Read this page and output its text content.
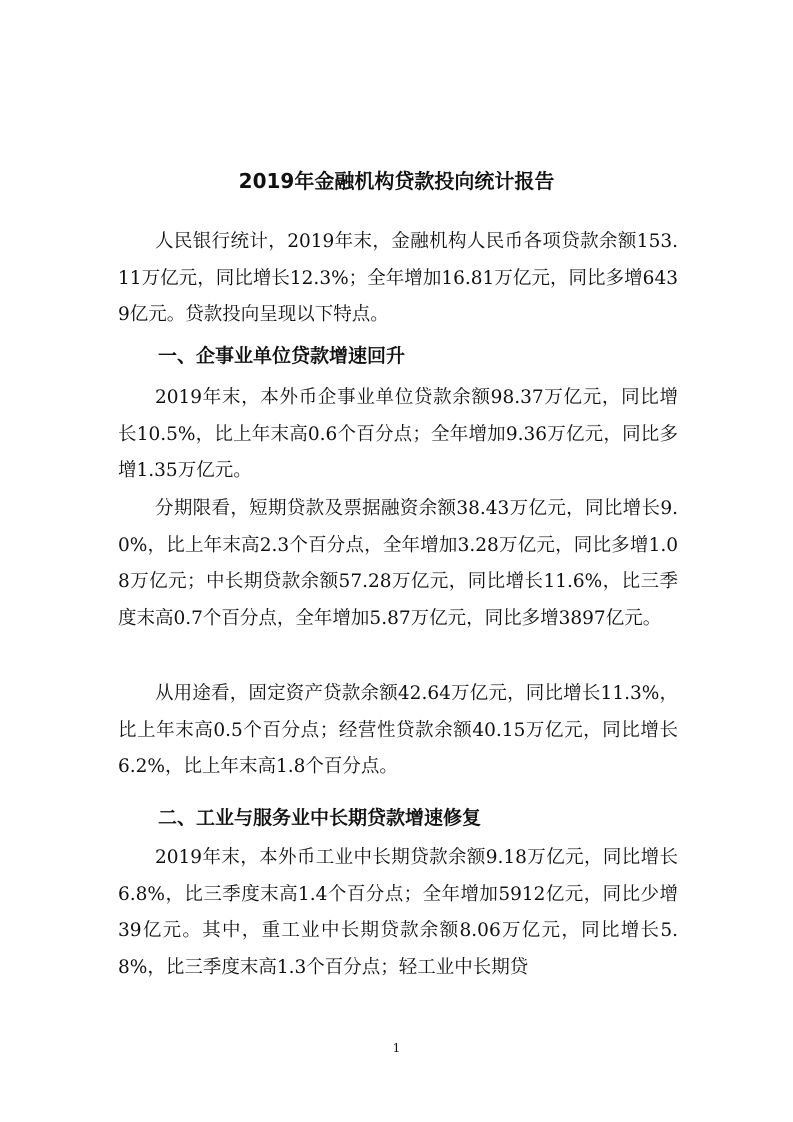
2019年金融机构贷款投向统计报告

人民银行统计，2019年末，金融机构人民币各项贷款余额153.11万亿元，同比增长12.3%；全年增加16.81万亿元，同比多增6439亿元。贷款投向呈现以下特点。

一、企事业单位贷款增速回升

2019年末，本外币企事业单位贷款余额98.37万亿元，同比增长10.5%，比上年末高0.6个百分点；全年增加9.36万亿元，同比多增1.35万亿元。

分期限看，短期贷款及票据融资余额38.43万亿元，同比增长9.0%，比上年末高2.3个百分点，全年增加3.28万亿元，同比多增1.08万亿元；中长期贷款余额57.28万亿元，同比增长11.6%，比三季度末高0.7个百分点，全年增加5.87万亿元，同比多增3897亿元。

从用途看，固定资产贷款余额42.64万亿元，同比增长11.3%，比上年末高0.5个百分点；经营性贷款余额40.15万亿元，同比增长6.2%，比上年末高1.8个百分点。

二、工业与服务业中长期贷款增速修复

2019年末，本外币工业中长期贷款余额9.18万亿元，同比增长6.8%，比三季度末高1.4个百分点；全年增加5912亿元，同比少增39亿元。其中，重工业中长期贷款余额8.06万亿元，同比增长5.8%，比三季度末高1.3个百分点；轻工业中长期贷

1
